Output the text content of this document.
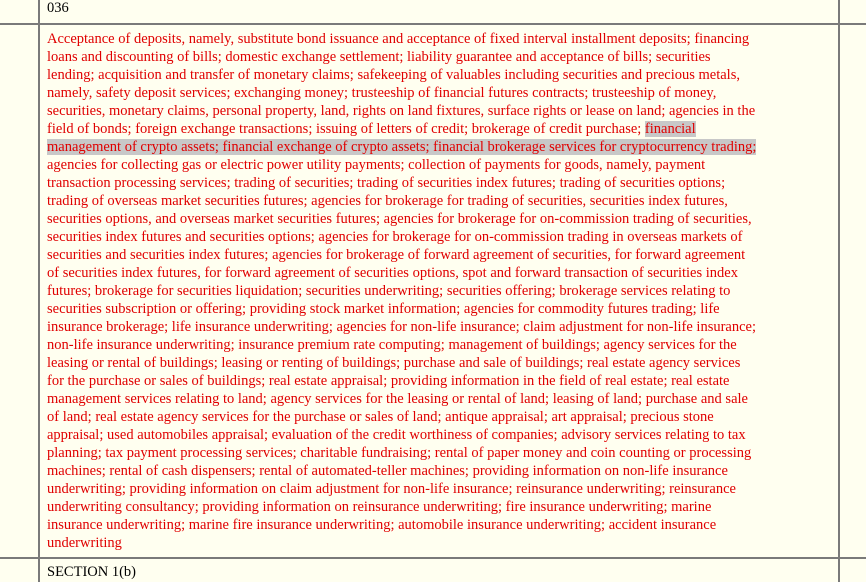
036
Acceptance of deposits, namely, substitute bond issuance and acceptance of fixed interval installment deposits; financing
loans and discounting of bills; domestic exchange settlement; liability guarantee and acceptance of bills; securities
lending; acquisition and transfer of monetary claims; safekeeping of valuables including securities and precious metals,
namely, safety deposit services; exchanging money; trusteeship of financial futures contracts; trusteeship of money,
securities, monetary claims, personal property, land, rights on land fixtures, surface rights or lease on land; agencies in the
field of bonds; foreign exchange transactions; issuing of letters of credit; brokerage of credit purchase; financial
management of crypto assets; financial exchange of crypto assets; financial brokerage services for cryptocurrency trading;
agencies for collecting gas or electric power utility payments; collection of payments for goods, namely, payment
transaction processing services; trading of securities; trading of securities index futures; trading of securities options;
trading of overseas market securities futures; agencies for brokerage for trading of securities, securities index futures,
securities options, and overseas market securities futures; agencies for brokerage for on-commission trading of securities,
securities index futures and securities options; agencies for brokerage for on-commission trading in overseas markets of
securities and securities index futures; agencies for brokerage of forward agreement of securities, for forward agreement
of securities index futures, for forward agreement of securities options, spot and forward transaction of securities index
futures; brokerage for securities liquidation; securities underwriting; securities offering; brokerage services relating to
securities subscription or offering; providing stock market information; agencies for commodity futures trading; life
insurance brokerage; life insurance underwriting; agencies for non-life insurance; claim adjustment for non-life insurance;
non-life insurance underwriting; insurance premium rate computing; management of buildings; agency services for the
leasing or rental of buildings; leasing or renting of buildings; purchase and sale of buildings; real estate agency services
for the purchase or sales of buildings; real estate appraisal; providing information in the field of real estate; real estate
management services relating to land; agency services for the leasing or rental of land; leasing of land; purchase and sale
of land; real estate agency services for the purchase or sales of land; antique appraisal; art appraisal; precious stone
appraisal; used automobiles appraisal; evaluation of the credit worthiness of companies; advisory services relating to tax
planning; tax payment processing services; charitable fundraising; rental of paper money and coin counting or processing
machines; rental of cash dispensers; rental of automated-teller machines; providing information on non-life insurance
underwriting; providing information on claim adjustment for non-life insurance; reinsurance underwriting; reinsurance
underwriting consultancy; providing information on reinsurance underwriting; fire insurance underwriting; marine
insurance underwriting; marine fire insurance underwriting; automobile insurance underwriting; accident insurance
underwriting
SECTION 1(b)
